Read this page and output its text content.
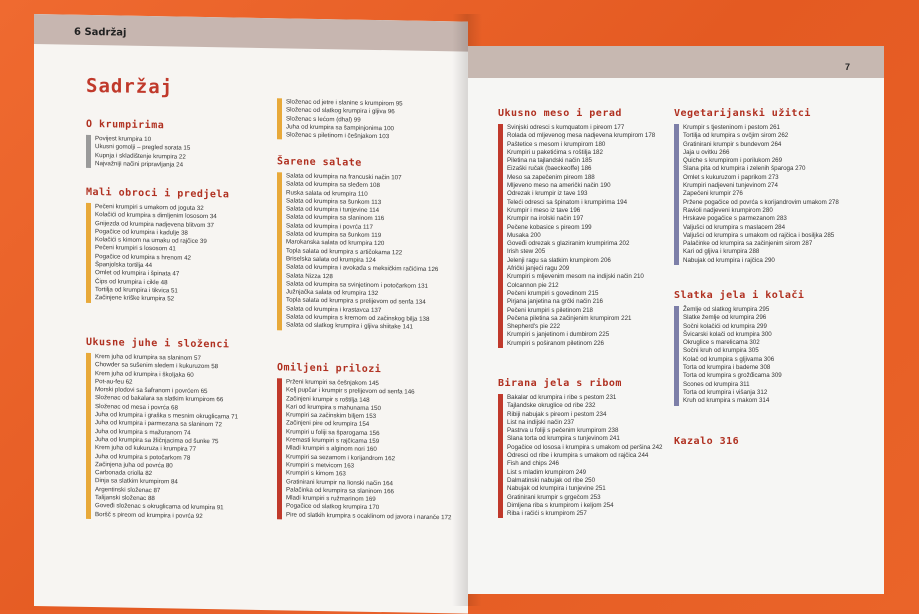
6 Sadržaj
Sadržaj
O krumpirima
Povijest krumpira 10
Ukusni gomolji – pregled sorata 15
Kupnja i skladištenje krumpira 22
Najvažniji načini pripravljanja 24
Mali obroci i predjela
Pečeni krumpiri s umakom od joguta 32
Kolačići od krumpira s dimljenim lososom 34
Gnijezda od krumpira nadjevena blitvom 37
Pogačice od krumpira i kadulje 38
Kolačići s kimom na umaku od rajčice 39
Pečeni krumpiri s lososom 41
Pogačice od krumpira s hrenom 42
Španjolska tortilja 44
Omlet od krumpira i špinata 47
Čips od krumpira i cikle 48
Tortilja od krumpira i tikvica 51
Začinjene kriške krumpira 52
Ukusne juhe i složenci
Krem juha od krumpira sa slaninom 57
Chowder sa sušenim sledem i kukuruzom 58
Krem juha od krumpira i škoIjaka 60
Pot-au-feu 62
Morski plodovi sa šafranom i povrćem 65
Složenac od bakalara sa slatkim krumpirom 66
Složenac od mesa i povrća 68
Juha od krumpira i graška s mesnim okruglicama 71
Juha od krumpira i parmezana sa slaninom 72
Juha od krumpira s mažuranom 74
Juha od krumpira sa žličnjacima od šunke 75
Krem juha od kukuruza i krumpira 77
Juha od krumpira s potočarkom 78
Začinjena juha od povrća 80
Carbonada criolla 82
Dinja sa slatkim krumpirom 84
Argentinski složenac 87
Talijanski složenac 88
Goveđi složenac s okruglicama od krumpira 91
Boršč s pireom od krumpira i povrća 92
Složenac od jetre i slanine s krumpirom 95
Složenac od slatkog krumpira i gljiva 96
Složenac s lećom (dhal) 99
Juha od krumpira sa šampinjonima 100
Složenac s piletinom i češnjakom 103
Šarene salate
Salata od krumpira na francuski način 107
Salata od krumpira sa sleđem 108
Ruska salata od krumpira 110
Salata od krumpira sa šunkom 113
Salata od krumpira i tunjevine 114
Salata od krumpira sa slaninom 116
Salata od krumpira i povrća 117
Salata od krumpira sa šunkom 119
Marokanska salata od krumpira 120
Topla salata od krumpira s artičokama 122
Briselska salata od krumpira 124
Salata od krumpira i avokada s meksičkim račićima 126
Salata Nizza 128
Salata od krumpira sa svinjetinom i potočarkom 131
Južnjačka salata od krumpira 132
Topla salata od krumpira s prelijevom od senfa 134
Salata od krumpira i krastavca 137
Salata od krumpira s kremom od začinskog bilja 138
Salata od slatkog krumpira i gljiva shiitake 141
Omiljeni prilozi
Prženi krumpiri sa češnjakom 145
Kelj pupčar i krumpir s prelijevom od senfa 146
Začinjeni krumpir s roštilja 148
Kari od krumpira s mahunama 150
Krumpiri sa začinskim biljem 153
Začinjeni pire od krumpira 154
Krumpiri u foliji sa šparogama 156
Kremasti krumpiri s rajčicama 159
Mladi krumpiri s alginom nori 160
Krumpiri sa sezamom i korijandrom 162
Krumpiri s metvicom 163
Krumpiri s kimom 163
Gratinirani krumpir na lionski način 164
Palačinka od krumpira sa slaninom 166
Mladi krumpiri s ružmarinom 169
Pogačice od slatkog krumpira 170
Pire od slatkih krumpira s ocaklinom od javora i naranče 172
7
Ukusno meso i perad
Svinjski odresci s kumquatom i pireom 177
Rolada od mljevenog mesa nadjevena krumpirom 178
Paštetice s mesom i krumpirom 180
Krumpiri u paketićima s roštilja 182
Piletina na tajlandski način 185
Eizaški ručak (baeckeoffe) 186
Meso sa zapečenim pireom 188
Mljeveno meso na američki način 190
Odrezak i krumpir iz tave 193
Teleći odresci sa špinatom i krumpirima 194
Krumpir i meso iz tave 196
Krumpir na irolski način 197
Pečene kobasice s pireom 199
Musaka 200
Goveđi odrezak s glaziranim krumpirima 202
Irish stew 205
Jelenji ragu sa slatkim krumpirom 206
Afrički janjeći ragu 209
Krumpiri s mljevenim mesom na indijski način 210
Colcannon pie 212
Pečeni krumpiri s govedinom 215
Pirjana janjetina na grčki način 216
Pečeni krumpiri s piletinom 218
Pečena piletina sa začinjenim krumpirom 221
Shepherd's pie 222
Krumpiri s janjetinom i dumbirom 225
Krumpiri s poširanom piletinom 226
Birana jela s ribom
Bakalar od krumpira i ribe s pestom 231
Tajlandske okruglice od ribe 232
Ribiji nabujak s pireom i pestom 234
List na indijski način 237
Pastrva u foliji s pečenim krumpirom 238
Slana torta od krumpira s tunjevinom 241
Pogačice od lososa i krumpira s umakom od peršina 242
Odresci od ribe i krumpira s umakom od rajčica 244
Fish and chips 246
List s mladim krumpirom 249
Dalmatinski nabujak od ribe 250
Nabujak od krumpira i tunjevine 251
Gratinirani krumpir s grgečom 253
Dimljena riba s krumpirom i keljom 254
Riba i račići s krumpirom 257
Vegetarijanski užitci
Krumpir s tjesteninom i pestom 261
Tortilja od krumpira s ovčjim sirom 262
Gratinirani krumpir s bundevom 264
Jaja u ovitku 266
Quiche s krumpirom i porilukom 269
Slana pita od krumpira i zelenih šparoga 270
Omlet s kukuruzom i paprikom 273
Krumpiri nadjeveni tunjevinom 274
Zapečeni krumpir 276
Pržene pogačice od povrća s korijandrovim umakom 278
Ravioli nadjeveni krumpirom 280
Hrskave pogačice s parmezanom 283
Valjušci od krumpira s maslacem 284
Valjušci od krumpira s umakom od rajčica i bosiljka 285
Palačinke od krumpira sa začinjenim sirom 287
Kari od gljiva i krumpira 288
Nabujak od krumpira i rajčica 290
Slatka jela i kolači
Žemlje od slatkog krumpira 295
Slatke žemlje od krumpira 296
Sočni kolačići od krumpira 299
Švicarski kolači od krumpira 300
Okruglice s marelicama 302
Sočni kruh od krumpira 305
Kolač od krumpira s gljivama 306
Torta od krumpira i bademe 308
Torta od krumpira s grožđicama 309
Scones od krumpira 311
Torta od krumpira i višanja 312
Kruh od krumpira s makom 314
Kazalo 316
